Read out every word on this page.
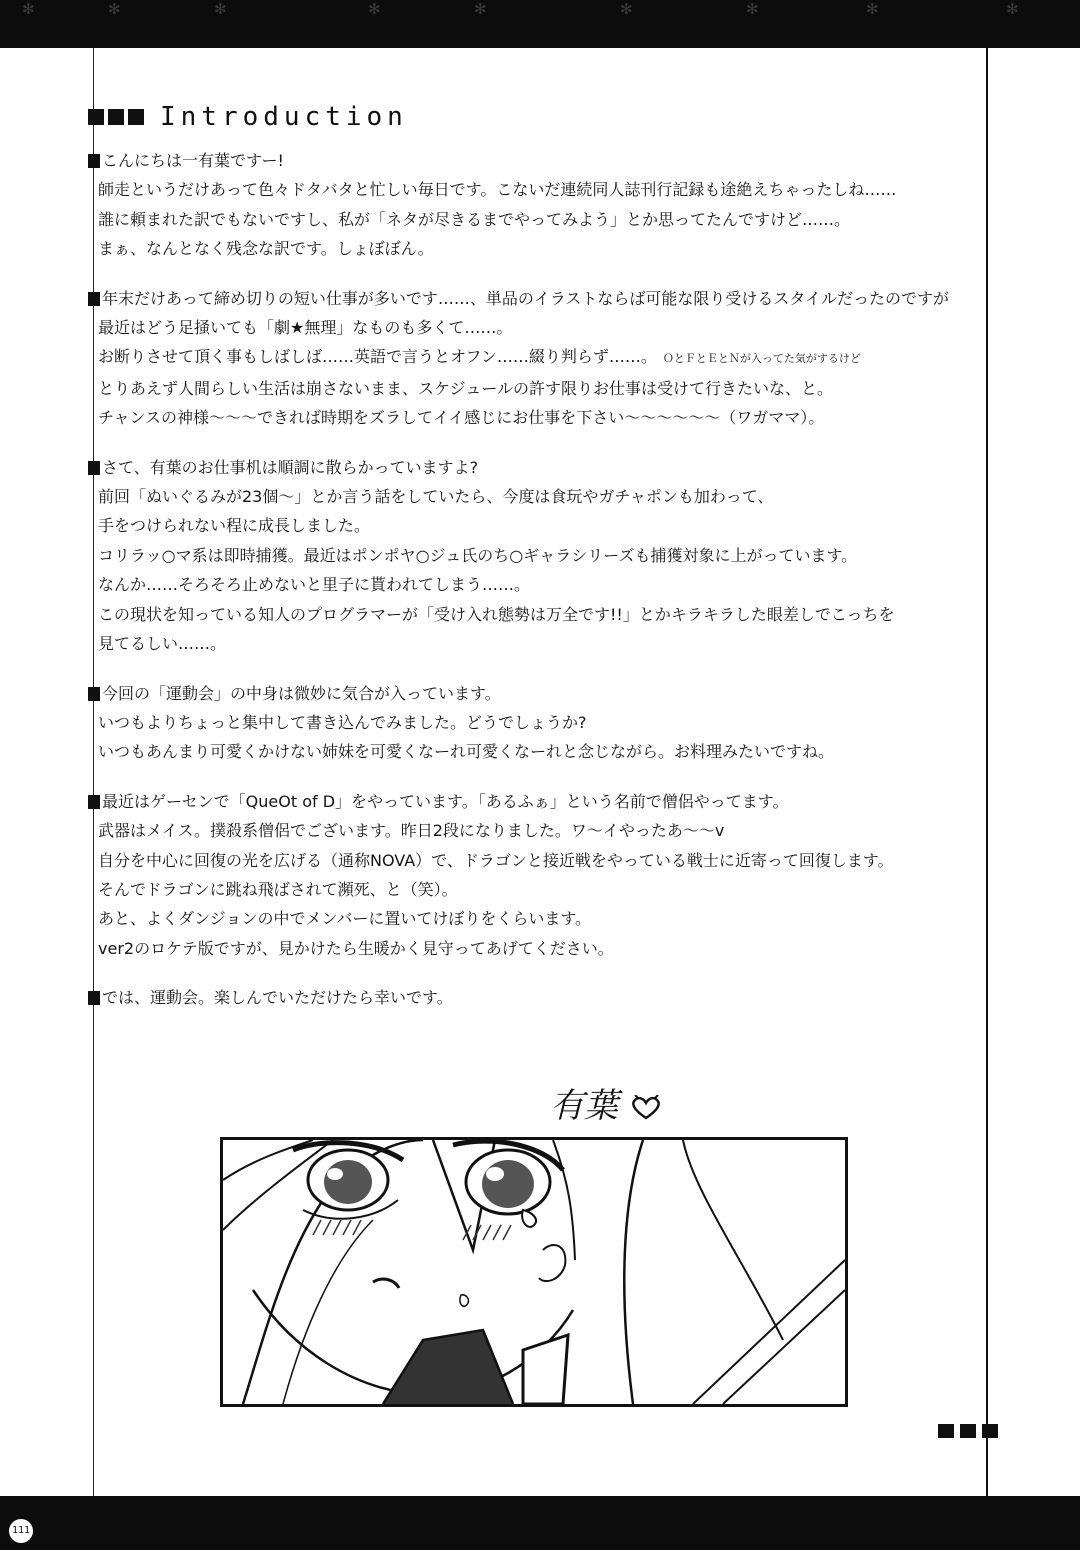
✻	✻	✻	✻	✻	✻	✻	✻	✻
Introduction
こんにちは一有葉ですー!
師走というだけあって色々ドタバタと忙しい毎日です。こないだ連続同人誌刊行記録も途絶えちゃったしね……
誰に頼まれた訳でもないですし、私が「ネタが尽きるまでやってみよう」とか思ってたんですけど……。
まぁ、なんとなく残念な訳です。しょぼぼん。
年末だけあって締め切りの短い仕事が多いです……、単品のイラストならば可能な限り受けるスタイルだったのですが
最近はどう足掻いても「劇★無理」なものも多くて……。
お断りさせて頂く事もしばしば……英語で言うとオフン……綴り判らず……。 ＯとＦとＥとＮが入ってた気がするけど
とりあえず人間らしい生活は崩さないまま、スケジュールの許す限りお仕事は受けて行きたいな、と。
チャンスの神様〜〜〜できれば時期をズラしてイイ感じにお仕事を下さい〜〜〜〜〜〜（ワガママ）。
さて、有葉のお仕事机は順調に散らかっていますよ?
前回「ぬいぐるみが23個〜」とか言う話をしていたら、今度は食玩やガチャポンも加わって、
手をつけられない程に成長しました。
コリラッ○マ系は即時捕獲。最近はポンポヤ○ジュ氏のち○ギャラシリーズも捕獲対象に上がっています。
なんか……そろそろ止めないと里子に貰われてしまう……。
この現状を知っている知人のプログラマーが「受け入れ態勢は万全です!!」とかキラキラした眼差しでこっちを
見てるしい……。
今回の「運動会」の中身は微妙に気合が入っています。
いつもよりちょっと集中して書き込んでみました。どうでしょうか?
いつもあんまり可愛くかけない姉妹を可愛くなーれ可愛くなーれと念じながら。お料理みたいですね。
最近はゲーセンで「QueOt of D」をやっています。「あるふぁ」という名前で僧侶やってます。
武器はメイス。撲殺系僧侶でございます。昨日2段になりました。ワ〜イやったあ〜〜v
自分を中心に回復の光を広げる（通称NOVA）で、ドラゴンと接近戦をやっている戦士に近寄って回復します。
そんでドラゴンに跳ね飛ばされて瀕死、と（笑）。
あと、よくダンジョンの中でメンバーに置いてけぼりをくらいます。
ver2のロケテ版ですが、見かけたら生暖かく見守ってあげてください。
では、運動会。楽しんでいただけたら幸いです。
有葉
111
